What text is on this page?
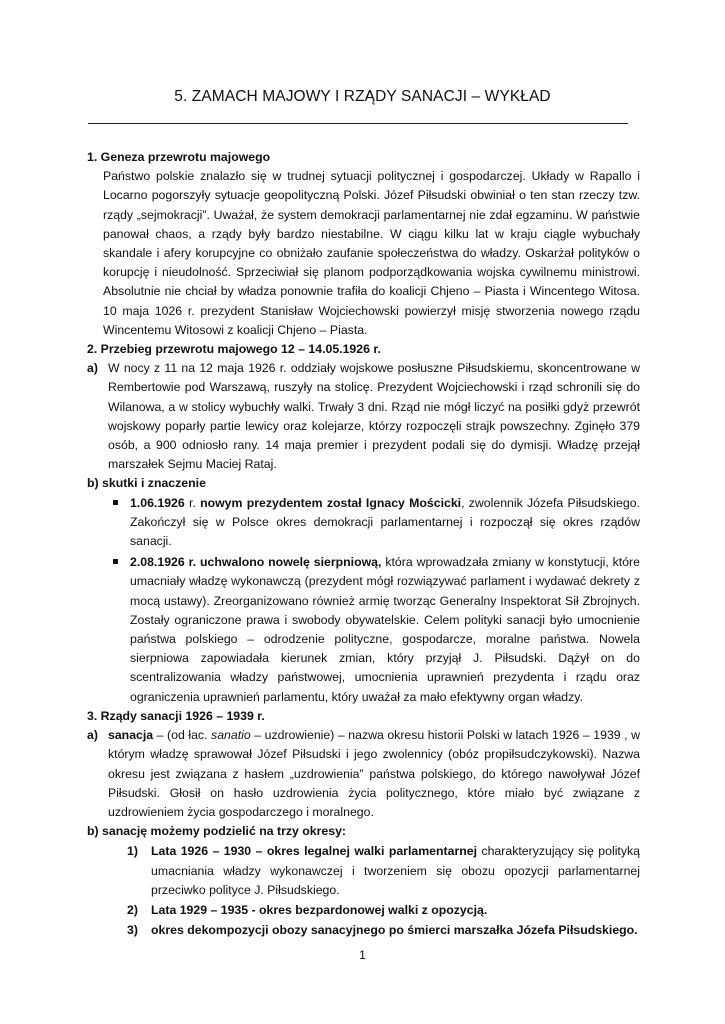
5. ZAMACH MAJOWY I RZĄDY SANACJI – WYKŁAD
1. Geneza przewrotu majowego
Państwo polskie znalazło się w trudnej sytuacji politycznej i gospodarczej. Układy w Rapallo i Locarno pogorszyły sytuacje geopolityczną Polski. Józef Piłsudski obwiniał o ten stan rzeczy tzw. rządy „sejmokracji”. Uważał, że system demokracji parlamentarnej nie zdał egzaminu. W państwie panował chaos, a rządy były bardzo niestabilne. W ciągu kilku lat w kraju ciągle wybuchały skandale i afery korupcyjne co obniżało zaufanie społeczeństwa do władzy. Oskarżał polityków o korupcję i nieudolność. Sprzeciwiał się planom podporządkowania wojska cywilnemu ministrowi. Absolutnie nie chciał by władza ponownie trafiła do koalicji Chjeno – Piasta i Wincentego Witosa. 10 maja 1026 r. prezydent Stanisław Wojciechowski powierzył misję stworzenia nowego rządu Wincentemu Witosowi z koalicji Chjeno – Piasta.
2. Przebieg przewrotu majowego 12 – 14.05.1926 r.
a) W nocy z 11 na 12 maja 1926 r. oddziały wojskowe posłuszne Piłsudskiemu, skoncentrowane w Rembertowie pod Warszawą, ruszyły na stolicę. Prezydent Wojciechowski i rząd schronili się do Wilanowa, a w stolicy wybuchły walki. Trwały 3 dni. Rząd nie mógł liczyć na posiłki gdyż przewrót wojskowy poparły partie lewicy oraz kolejarze, którzy rozpoczęli strajk powszechny. Zginęło 379 osób, a 900 odniosło rany. 14 maja premier i prezydent podali się do dymisji. Władzę przejął marszałek Sejmu Maciej Rataj.
b) skutki i znaczenie
1.06.1926 r. nowym prezydentem został Ignacy Mościcki, zwolennik Józefa Piłsudskiego. Zakończył się w Polsce okres demokracji parlamentarnej i rozpoczął się okres rządów sanacji.
2.08.1926 r. uchwalono nowelę sierpniową, która wprowadzała zmiany w konstytucji, które umacniały władzę wykonawczą (prezydent mógł rozwiązywać parlament i wydawać dekrety z mocą ustawy). Zreorganizowano również armię tworząc Generalny Inspektorat Sił Zbrojnych. Zostały ograniczone prawa i swobody obywatelskie. Celem polityki sanacji było umocnienie państwa polskiego – odrodzenie polityczne, gospodarcze, moralne państwa. Nowela sierpniowa zapowiadała kierunek zmian, który przyjął J. Piłsudski. Dążył on do scentralizowania władzy państwowej, umocnienia uprawnień prezydenta i rządu oraz ograniczenia uprawnień parlamentu, który uważał za mało efektywny organ władzy.
3. Rządy sanacji 1926 – 1939 r.
a) sanacja – (od łac. sanatio – uzdrowienie) – nazwa okresu historii Polski w latach 1926 – 1939 , w którym władzę sprawował Józef Piłsudski i jego zwolennicy (obóz propiłsudczykowski). Nazwa okresu jest związana z hasłem „uzdrowienia” państwa polskiego, do którego nawoływał Józef Piłsudski. Głosił on hasło uzdrowienia życia politycznego, które miało być związane z uzdrowieniem życia gospodarczego i moralnego.
b) sanację możemy podzielić na trzy okresy:
1)	Lata 1926 – 1930 – okres legalnej walki parlamentarnej charakteryzujący się polityką umacniania władzy wykonawczej i tworzeniem się obozu opozycji parlamentarnej przeciwko polityce J. Piłsudskiego.
2)	Lata 1929 – 1935 - okres bezpardonowej walki z opozycją.
3)	okres dekompozycji obozy sanacyjnego po śmierci marszałka Józefa Piłsudskiego.
1
